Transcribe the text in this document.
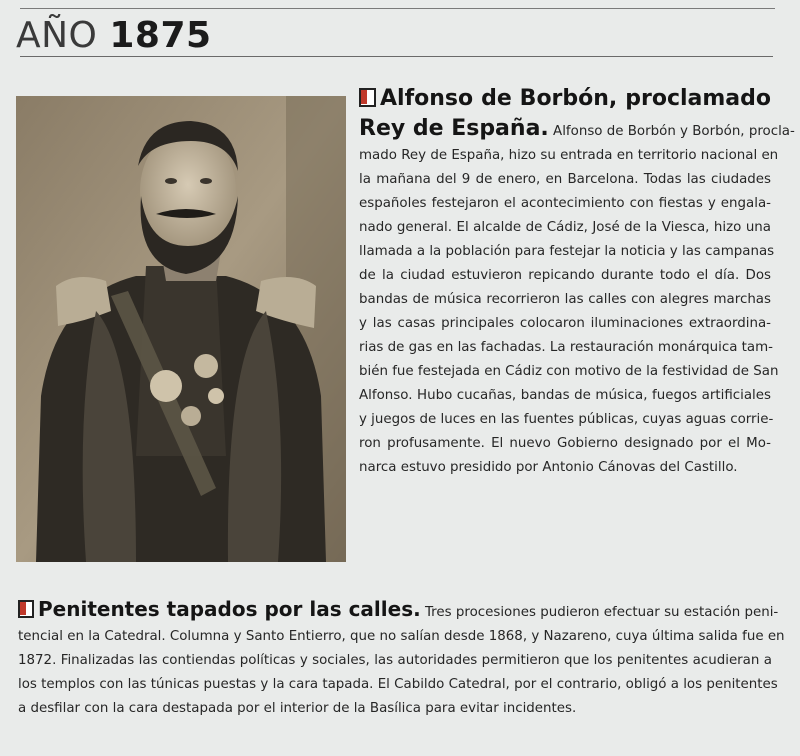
AÑO 1875
Alfonso de Borbón, proclamado
Rey de España. Alfonso de Borbón y Borbón, procla-
mado Rey de España, hizo su entrada en territorio nacional en
la mañana del 9 de enero, en Barcelona. Todas las ciudades
españoles festejaron el acontecimiento con fiestas y engala-
nado general. El alcalde de Cádiz, José de la Viesca, hizo una
llamada a la población para festejar la noticia y las campanas
de la ciudad estuvieron repicando durante todo el día. Dos
bandas de música recorrieron las calles con alegres marchas
y las casas principales colocaron iluminaciones extraordina-
rias de gas en las fachadas. La restauración monárquica tam-
bién fue festejada en Cádiz con motivo de la festividad de San
Alfonso. Hubo cucañas, bandas de música, fuegos artificiales
y juegos de luces en las fuentes públicas, cuyas aguas corrie-
ron profusamente. El nuevo Gobierno designado por el Mo-
narca estuvo presidido por Antonio Cánovas del Castillo.
Penitentes tapados por las calles. Tres procesiones pudieron efectuar su estación peni-
tencial en la Catedral. Columna y Santo Entierro, que no salían desde 1868, y Nazareno, cuya última salida fue en
1872. Finalizadas las contiendas políticas y sociales, las autoridades permitieron que los penitentes acudieran a
los templos con las túnicas puestas y la cara tapada. El Cabildo Catedral, por el contrario, obligó a los penitentes
a desfilar con la cara destapada por el interior de la Basílica para evitar incidentes.
